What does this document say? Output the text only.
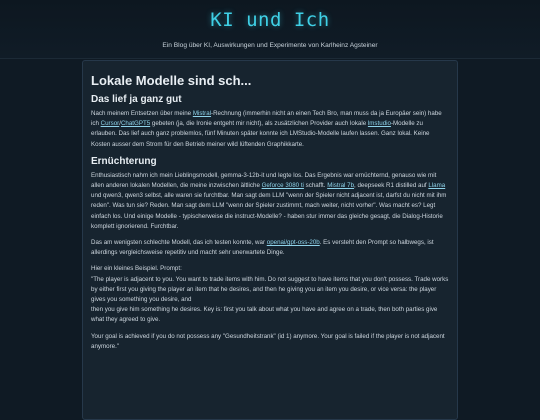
KI und Ich
Ein Blog über KI, Auswirkungen und Experimente von Karlheinz Agsteiner
Lokale Modelle sind sch...
Das lief ja ganz gut

Nach meinem Entsetzen über meine Mistral-Rechnung (immerhin nicht an einen Tech Bro, man muss da ja Europäer sein) habe ich Cursor/ChatGPT5 gebeten (ja, die Ironie entgeht mir nicht), als zusätzlichen Provider auch lokale lmstudio-Modelle zu erlauben. Das lief auch ganz problemlos, fünf Minuten später konnte ich LMStudio-Modelle laufen lassen. Ganz lokal. Keine Kosten ausser dem Strom für den Betrieb meiner wild lüftenden Graphikkarte.

Ernüchterung

Enthusiastisch nahm ich mein Lieblingsmodell, gemma-3-12b-it und legte los. Das Ergebnis war ernüchternd, genauso wie mit allen anderen lokalen Modellen, die meine inzwischen ältliche Geforce 3080 ti schafft. Mistral 7b, deepseek R1 distilled auf Llama und qwen3, qwen3 selbst, alle waren sie furchtbar. Man sagt dem LLM "wenn der Spieler nicht adjacent ist, darfst du nicht mit ihm reden". Was tun sie? Reden. Man sagt dem LLM "wenn der Spieler zustimmt, mach weiter, nicht vorher". Was macht es? Legt einfach los. Und einige Modelle - typischerweise die instruct-Modelle? - haben stur immer das gleiche gesagt, die Dialog-Historie komplett ignorierend. Furchtbar.

Das am wenigsten schlechte Modell, das ich testen konnte, war openai/gpt-oss-20b. Es versteht den Prompt so halbwegs, ist allerdings vergleichsweise repetitiv und macht sehr unerwartete Dinge.

Hier ein kleines Beispiel. Prompt:
"The player is adjacent to you. You want to trade items with him. Do not suggest to have items that you don't possess. Trade works by either first you giving the player an item that he desires, and then he giving you an item you desire, or vice versa: the player gives you something you desire, and
then you give him something he desires. Key is: first you talk about what you have and agree on a trade, then both parties give what they agreed to give.

Your goal is achieved if you do not possess any "Gesundheitstrank" (id 1) anymore. Your goal is failed if the player is not adjacent anymore."
